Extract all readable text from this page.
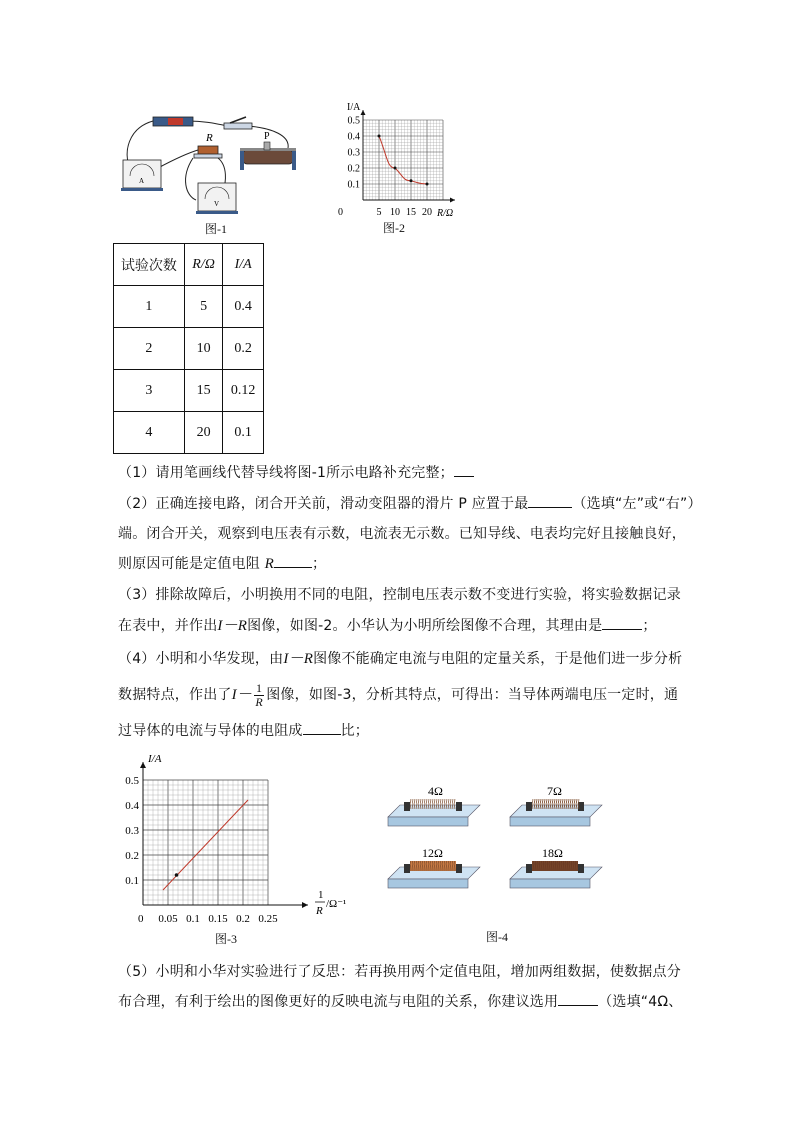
R	P
A
V
图-1
0.1
0.2
0.3
0.4
0.5
5 10 15 20
I/A
R/Ω
0
图-2
试验次数	R/Ω	I/A
1	5	0.4
2	10	0.2
3	15	0.12
4	20	0.1
（1）请用笔画线代替导线将图-1所示电路补充完整；
（2）正确连接电路，闭合开关前，滑动变阻器的滑片 P 应置于最	（选填“左”或“右”）
端。闭合开关，观察到电压表有示数，电流表无示数。已知导线、电表均完好且接触良好，
则原因可能是定值电阻 R	；
（3）排除故障后，小明换用不同的电阻，控制电压表示数不变进行实验，将实验数据记录
在表中，并作出I－R图像，如图-2。小华认为小明所绘图像不合理，其理由是	；
（4）小明和小华发现，由I－R图像不能确定电流与电阻的定量关系，于是他们进一步分析
数据特点，作出了$I- \frac{1}{R}$ 图像，如图-3，分析其特点，可得出：当导体两端电压一定时，通
过导体的电流与导体的电阻成	比；
0.1
0.2
0.3
0.4
0.5
0.05 0.1 0.15 0.2 0.25
I/A
0
1
R
/Ω⁻¹
图-3
4Ω	7Ω
12Ω	18Ω
图-4
（5）小明和小华对实验进行了反思：若再换用两个定值电阻，增加两组数据，使数据点分
布合理，有利于绘出的图像更好的反映电流与电阻的关系，你建议选用	（选填“4Ω、
